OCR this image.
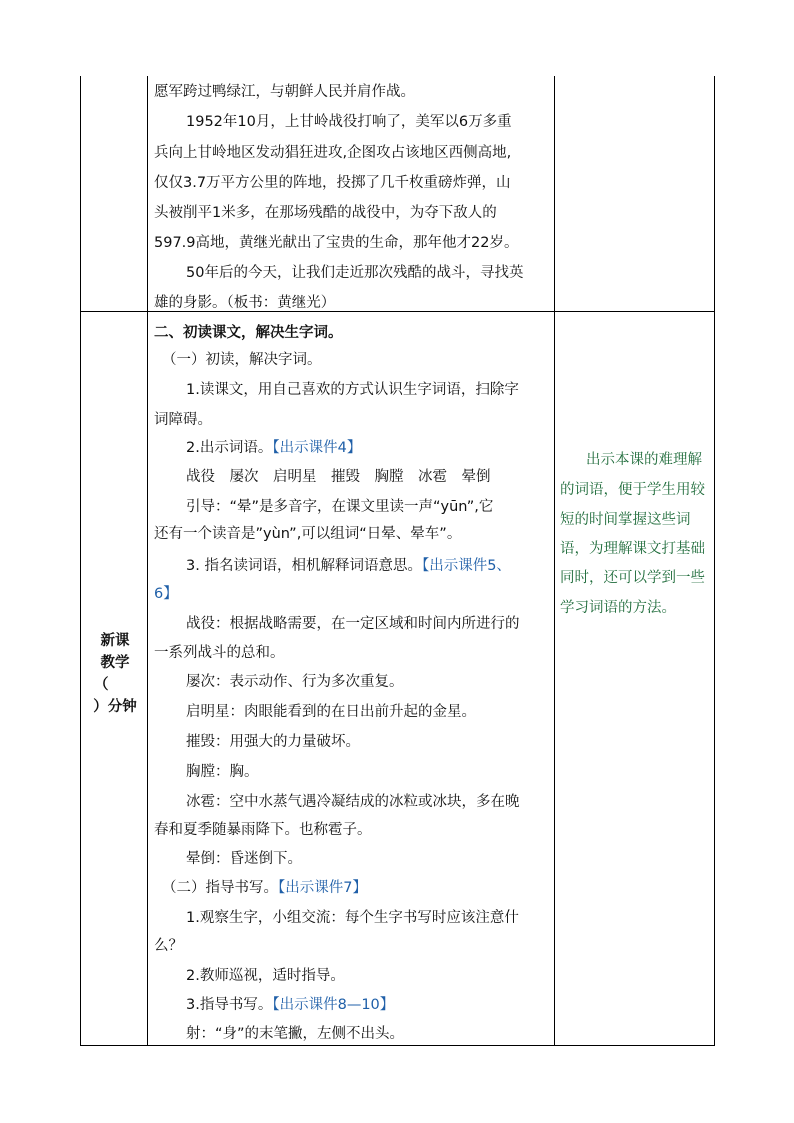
愿军跨过鸭绿江，与朝鲜人民并肩作战。
1952年10月，上甘岭战役打响了，美军以6万多重
兵向上甘岭地区发动猖狂进攻,企图攻占该地区西侧高地,
仅仅3.7万平方公里的阵地，投掷了几千枚重磅炸弹，山
头被削平1米多，在那场残酷的战役中，为夺下敌人的
597.9高地，黄继光献出了宝贵的生命，那年他才22岁。
50年后的今天，让我们走近那次残酷的战斗，寻找英
雄的身影。（板书：黄继光）
新课
教学
（
）分钟
二、初读课文，解决生字词。
（一）初读，解决字词。
1.读课文，用自己喜欢的方式认识生字词语，扫除字
词障碍。
2.出示词语。【出示课件4】
战役　屡次　启明星　摧毁　胸膛　冰雹　晕倒
引导：“晕”是多音字，在课文里读一声“yūn”,它
还有一个读音是”yùn”,可以组词“日晕、晕车”。
3. 指名读词语，相机解释词语意思。【出示课件5、
6】
战役：根据战略需要，在一定区域和时间内所进行的
一系列战斗的总和。
屡次：表示动作、行为多次重复。
启明星：肉眼能看到的在日出前升起的金星。
摧毁：用强大的力量破坏。
胸膛：胸。
冰雹：空中水蒸气遇冷凝结成的冰粒或冰块，多在晚
春和夏季随暴雨降下。也称雹子。
晕倒：昏迷倒下。
（二）指导书写。【出示课件7】
1.观察生字，小组交流：每个生字书写时应该注意什
么？
2.教师巡视，适时指导。
3.指导书写。【出示课件8—10】
射：“身”的末笔撇，左侧不出头。
出示本课的难理解
的词语，便于学生用较
短的时间掌握这些词
语，为理解课文打基础
同时，还可以学到一些
学习词语的方法。
